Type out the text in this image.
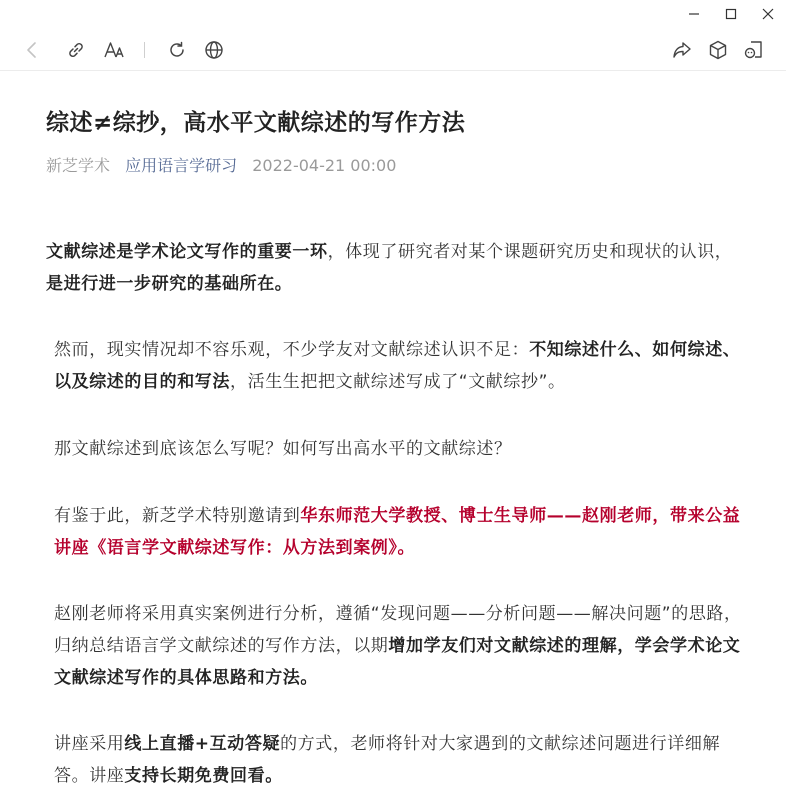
综述≠综抄，高水平文献综述的写作方法
新芝学术 应用语言学研习 2022-04-21 00:00

文献综述是学术论文写作的重要一环，体现了研究者对某个课题研究历史和现状的认识，是进行进一步研究的基础所在。

然而，现实情况却不容乐观，不少学友对文献综述认识不足：不知综述什么、如何综述、以及综述的目的和写法，活生生把把文献综述写成了“文献综抄”。

那文献综述到底该怎么写呢？如何写出高水平的文献综述？

有鉴于此，新芝学术特别邀请到华东师范大学教授、博士生导师——赵刚老师，带来公益讲座《语言学文献综述写作：从方法到案例》。

赵刚老师将采用真实案例进行分析，遵循“发现问题——分析问题——解决问题”的思路，归纳总结语言学文献综述的写作方法，以期增加学友们对文献综述的理解，学会学术论文文献综述写作的具体思路和方法。

讲座采用线上直播+互动答疑的方式，老师将针对大家遇到的文献综述问题进行详细解答。讲座支持长期免费回看。
